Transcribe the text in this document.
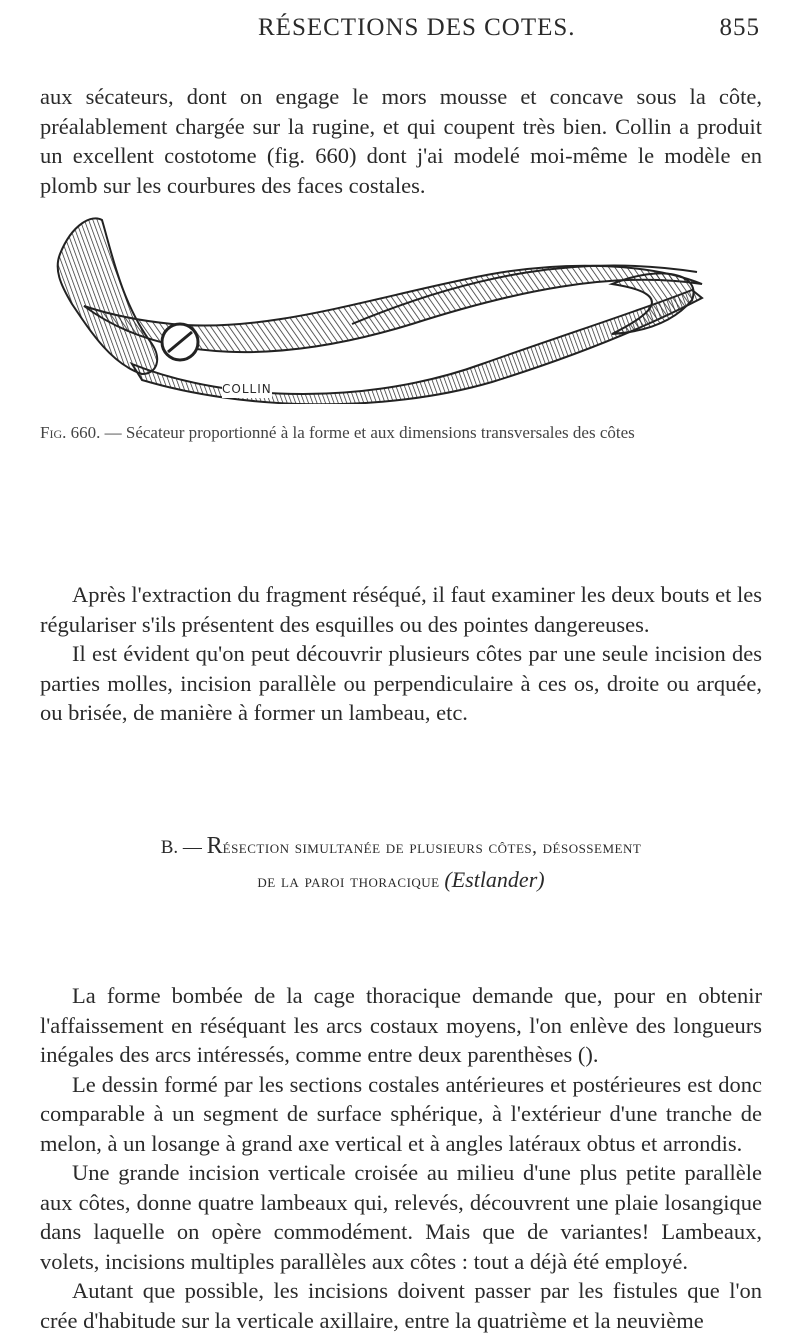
RÉSECTIONS DES COTES.	855

aux sécateurs, dont on engage le mors mousse et concave sous la côte, préalablement chargée sur la rugine, et qui coupent très bien. Collin a produit un excellent costotome (fig. 660) dont j'ai modelé moi-même le modèle en plomb sur les courbures des faces costales.

COLLIN
Fig. 660. — Sécateur proportionné à la forme et aux dimensions transversales des côtes

Après l'extraction du fragment réséqué, il faut examiner les deux bouts et les régulariser s'ils présentent des esquilles ou des pointes dangereuses.

Il est évident qu'on peut découvrir plusieurs côtes par une seule incision des parties molles, incision parallèle ou perpendiculaire à ces os, droite ou arquée, ou brisée, de manière à former un lambeau, etc.

B. — Résection simultanée de plusieurs côtes, désossement
de la paroi thoracique (Estlander)

La forme bombée de la cage thoracique demande que, pour en obtenir l'affaissement en réséquant les arcs costaux moyens, l'on enlève des longueurs inégales des arcs intéressés, comme entre deux parenthèses ().

Le dessin formé par les sections costales antérieures et postérieures est donc comparable à un segment de surface sphérique, à l'extérieur d'une tranche de melon, à un losange à grand axe vertical et à angles latéraux obtus et arrondis.

Une grande incision verticale croisée au milieu d'une plus petite parallèle aux côtes, donne quatre lambeaux qui, relevés, découvrent une plaie losangique dans laquelle on opère commodément. Mais que de variantes! Lambeaux, volets, incisions multiples parallèles aux côtes : tout a déjà été employé.

Autant que possible, les incisions doivent passer par les fistules que l'on crée d'habitude sur la verticale axillaire, entre la quatrième et la neuvième
